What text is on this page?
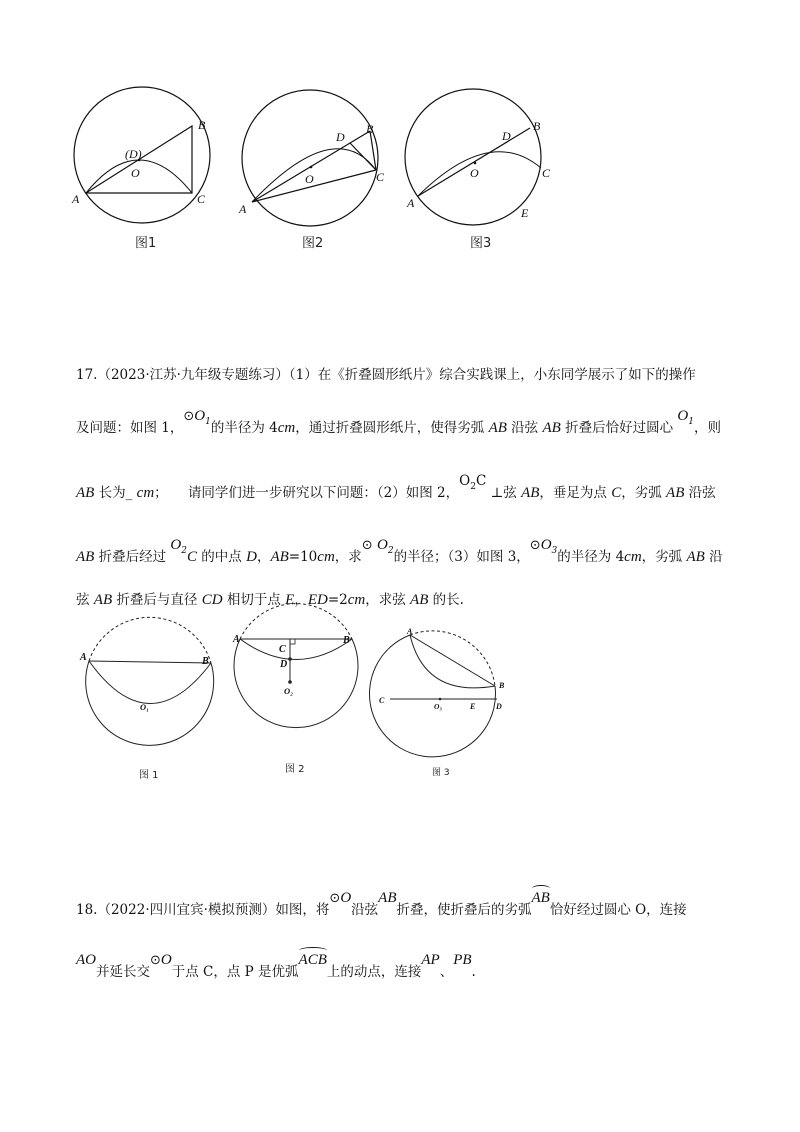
A
B
C
(D)
O
图1
A
B
C
D
O
图2
A
B
C
D
O
E
图3
17.（2023·江苏·九年级专题练习）（1）在《折叠圆形纸片》综合实践课上，小东同学展示了如下的操作
及问题：如图 1，$⊙O_1$的半径为 4cm，通过折叠圆形纸片，使得劣弧 AB 沿弦 AB 折叠后恰好过圆心 $O_1$，则
AB 长为_ cm；　　请同学们进一步研究以下问题：（2）如图 2，$O_2C$ ⊥弦 AB，垂足为点 C，劣弧 AB 沿弦
AB 折叠后经过 $O_2C$ 的中点 D，AB=10cm，求⊙ $O_2$的半径；（3）如图 3，$⊙O_3$的半径为 4cm，劣弧 AB 沿
弦 AB 折叠后与直径 CD 相切于点 E，ED=2cm，求弦 AB 的长.
A	B
O₁
图 1
A	B
C
D
O₂
图 2
A
B
C
D
E
O₃
图 3
18.（2022·四川宜宾·模拟预测）如图，将⊙O沿弦AB折叠，使折叠后的劣弧AB恰好经过圆心 O，连接
AO并延长交⊙O于点 C，点 P 是优弧ACB上的动点，连接AP、PB.
